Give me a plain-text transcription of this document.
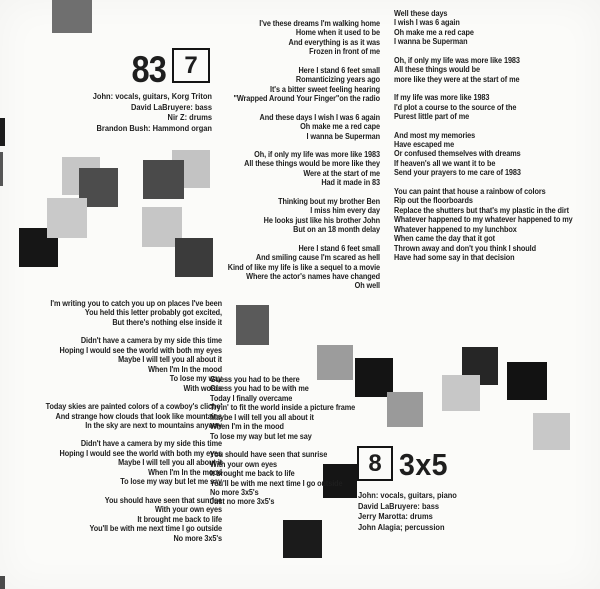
83 7
John: vocals, guitars, Korg Triton
David LaBruyere: bass
Nir Z: drums
Brandon Bush: Hammond organ
I've these dreams I'm walking home
Home when it used to be
And everything is as it was
Frozen in front of me
Here I stand 6 feet small
Romanticizing years ago
It's a bitter sweet feeling hearing
"Wrapped Around Your Finger"on the radio
And these days I wish I was 6 again
Oh make me a red cape
I wanna be Superman
Oh, if only my life was more like 1983
All these things would be more like they
Were at the start of me
Had it made in 83
Thinking bout my brother Ben
I miss him every day
He looks just like his brother John
But on an 18 month delay
Here I stand 6 feet small
And smiling cause I'm scared as hell
Kind of like my life is like a sequel to a movie
Where the actor's names have changed
Oh well
Well these days
I wish I was 6 again
Oh make me a red cape
I wanna be Superman
Oh, if only my life was more like 1983
All these things would be
more like they were at the start of me
If my life was more like 1983
I'd plot a course to the source of the
Purest little part of me
And most my memories
Have escaped me
Or confused themselves with dreams
If heaven's all we want it to be
Send your prayers to me care of 1983
You can paint that house a rainbow of colors
Rip out the floorboards
Replace the shutters but that's my plastic in the dirt
Whatever happened to my whatever happened to my
Whatever happened to my lunchbox
When came the day that it got
Thrown away and don't you think I should
Have had some say in that decision
I'm writing you to catch you up on places I've been
You held this letter probably got excited,
But there's nothing else inside it
Didn't have a camera by my side this time
Hoping I would see the world with both my eyes
Maybe I will tell you all about it
When I'm In the mood
To lose my way
With words
Today skies are painted colors of a cowboy's cliche'
And strange how clouds that look like mountains
In the sky are next to mountains anyway
Didn't have a camera by my side this time
Hoping I would see the world with both my eyes
Maybe I will tell you all about it
When I'm In the mood
To lose my way but let me say
You should have seen that sunrise
With your own eyes
It brought me back to life
You'll be with me next time I go outside
No more 3x5's
Guess you had to be there
Guess you had to be with me
Today I finally overcame
Tryin' to fit the world inside a picture frame
Maybe I will tell you all about it
When I'm in the mood
To lose my way but let me say
You should have seen that sunrise
With your own eyes
It brought me back to life
You'll be with me next time I go outside
No more 3x5's
Just no more 3x5's
8 3x5
John: vocals, guitars, piano
David LaBruyere: bass
Jerry Marotta: drums
John Alagia; percussion
